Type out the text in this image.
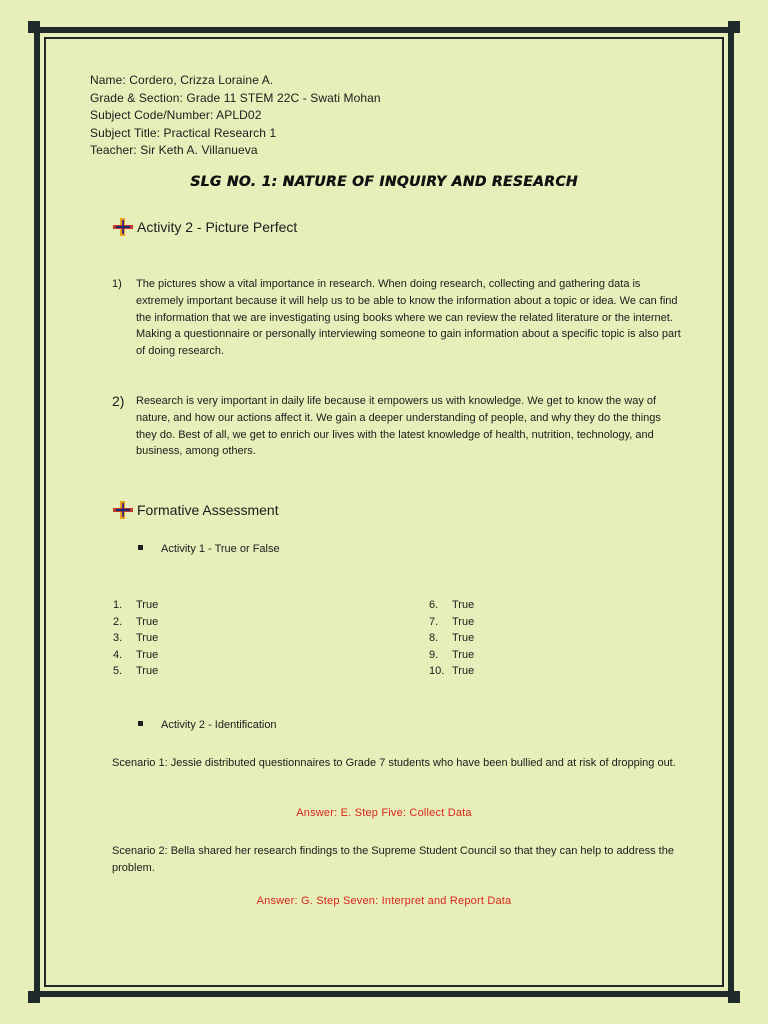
Name: Cordero, Crizza Loraine A.
Grade & Section: Grade 11 STEM 22C - Swati Mohan
Subject Code/Number: APLD02
Subject Title: Practical Research 1
Teacher: Sir Keth A. Villanueva
SLG NO. 1: NATURE OF INQUIRY AND RESEARCH
Activity 2 - Picture Perfect
1) The pictures show a vital importance in research. When doing research, collecting and gathering data is extremely important because it will help us to be able to know the information about a topic or idea. We can find the information that we are investigating using books where we can review the related literature or the internet. Making a questionnaire or personally interviewing someone to gain information about a specific topic is also part of doing research.
2) Research is very important in daily life because it empowers us with knowledge. We get to know the way of nature, and how our actions affect it. We gain a deeper understanding of people, and why they do the things they do. Best of all, we get to enrich our lives with the latest knowledge of health, nutrition, technology, and business, among others.
Formative Assessment
Activity 1 - True or False
1. True
2. True
3. True
4. True
5. True
6. True
7. True
8. True
9. True
10. True
Activity 2 - Identification
Scenario 1: Jessie distributed questionnaires to Grade 7 students who have been bullied and at risk of dropping out.
Answer: E. Step Five: Collect Data
Scenario 2: Bella shared her research findings to the Supreme Student Council so that they can help to address the problem.
Answer: G. Step Seven: Interpret and Report Data
